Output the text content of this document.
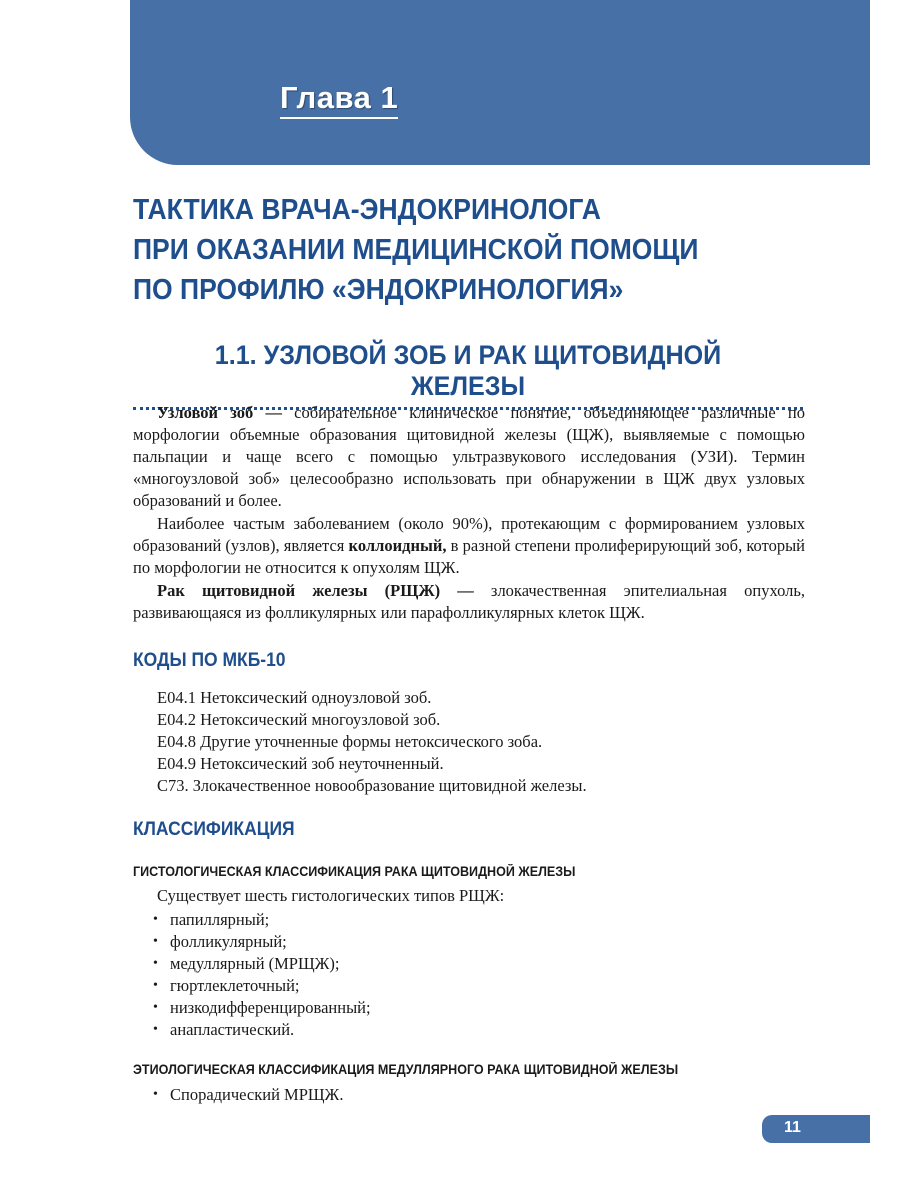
Глава 1
ТАКТИКА ВРАЧА-ЭНДОКРИНОЛОГА
ПРИ ОКАЗАНИИ МЕДИЦИНСКОЙ ПОМОЩИ
ПО ПРОФИЛЮ «ЭНДОКРИНОЛОГИЯ»
1.1. УЗЛОВОЙ ЗОБ И РАК ЩИТОВИДНОЙ ЖЕЛЕЗЫ

Узловой зоб — собирательное клиническое понятие, объединяющее различные по морфологии объемные образования щитовидной железы (ЩЖ), выявляемые с помощью пальпации и чаще всего с помощью ультразвукового исследования (УЗИ). Термин «многоузловой зоб» целесообразно использовать при обнаружении в ЩЖ двух узловых образований и более.

Наиболее частым заболеванием (около 90%), протекающим с формированием узловых образований (узлов), является коллоидный, в разной степени пролиферирующий зоб, который по морфологии не относится к опухолям ЩЖ.

Рак щитовидной железы (РЩЖ) — злокачественная эпителиальная опухоль, развивающаяся из фолликулярных или парафолликулярных клеток ЩЖ.

КОДЫ ПО МКБ-10
E04.1 Нетоксический одноузловой зоб.
E04.2 Нетоксический многоузловой зоб.
E04.8 Другие уточненные формы нетоксического зоба.
E04.9 Нетоксический зоб неуточненный.
C73. Злокачественное новообразование щитовидной железы.
КЛАССИФИКАЦИЯ
ГИСТОЛОГИЧЕСКАЯ КЛАССИФИКАЦИЯ РАКА ЩИТОВИДНОЙ ЖЕЛЕЗЫ

Существует шесть гистологических типов РЩЖ:

• папиллярный;
• фолликулярный;
• медуллярный (МРЩЖ);
• гюртлеклеточный;
• низкодифференцированный;
• анапластический.
ЭТИОЛОГИЧЕСКАЯ КЛАССИФИКАЦИЯ МЕДУЛЛЯРНОГО РАКА ЩИТОВИДНОЙ ЖЕЛЕЗЫ
• Спорадический МРЩЖ.
11
